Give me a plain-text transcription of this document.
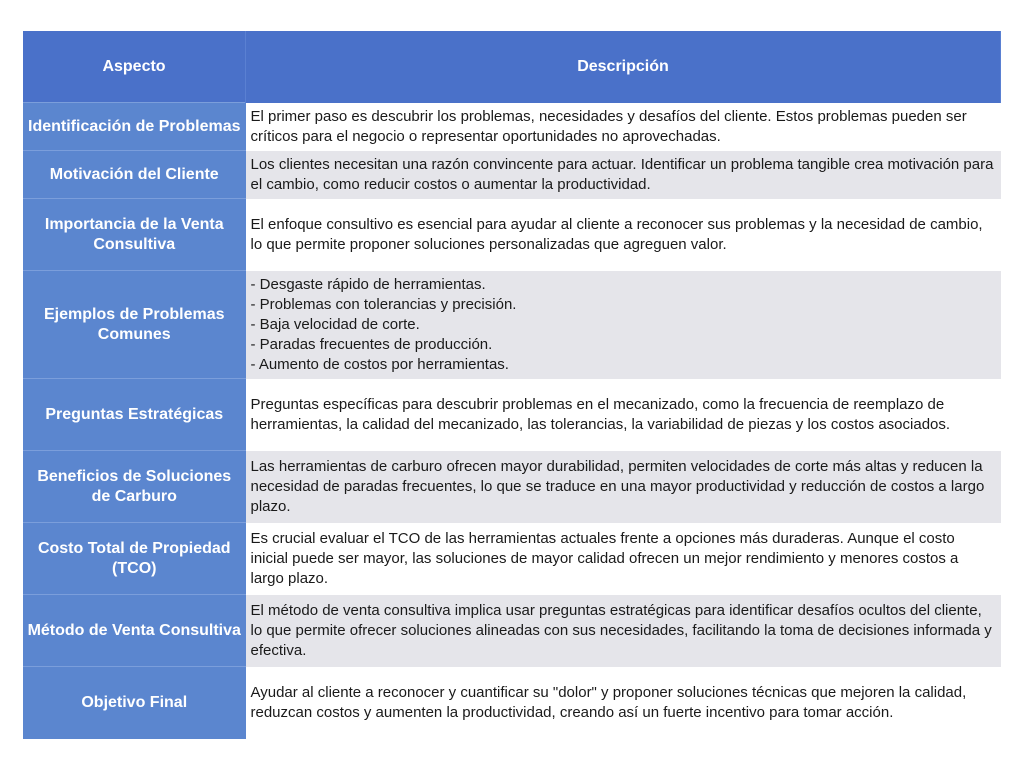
Aspecto	Descripción
Identificación de Problemas	El primer paso es descubrir los problemas, necesidades y desafíos del cliente. Estos problemas pueden ser críticos para el negocio o representar oportunidades no aprovechadas.
Motivación del Cliente	Los clientes necesitan una razón convincente para actuar. Identificar un problema tangible crea motivación para el cambio, como reducir costos o aumentar la productividad.
Importancia de la Venta Consultiva	El enfoque consultivo es esencial para ayudar al cliente a reconocer sus problemas y la necesidad de cambio, lo que permite proponer soluciones personalizadas que agreguen valor.
Ejemplos de Problemas Comunes	- Desgaste rápido de herramientas.
- Problemas con tolerancias y precisión.
- Baja velocidad de corte.
- Paradas frecuentes de producción.
- Aumento de costos por herramientas.

Preguntas Estratégicas	Preguntas específicas para descubrir problemas en el mecanizado, como la frecuencia de reemplazo de herramientas, la calidad del mecanizado, las tolerancias, la variabilidad de piezas y los costos asociados.
Beneficios de Soluciones de Carburo	Las herramientas de carburo ofrecen mayor durabilidad, permiten velocidades de corte más altas y reducen la necesidad de paradas frecuentes, lo que se traduce en una mayor productividad y reducción de costos a largo plazo.
Costo Total de Propiedad (TCO)	Es crucial evaluar el TCO de las herramientas actuales frente a opciones más duraderas. Aunque el costo inicial puede ser mayor, las soluciones de mayor calidad ofrecen un mejor rendimiento y menores costos a largo plazo.
Método de Venta Consultiva	El método de venta consultiva implica usar preguntas estratégicas para identificar desafíos ocultos del cliente, lo que permite ofrecer soluciones alineadas con sus necesidades, facilitando la toma de decisiones informada y efectiva.
Objetivo Final	Ayudar al cliente a reconocer y cuantificar su "dolor" y proponer soluciones técnicas que mejoren la calidad, reduzcan costos y aumenten la productividad, creando así un fuerte incentivo para tomar acción.
